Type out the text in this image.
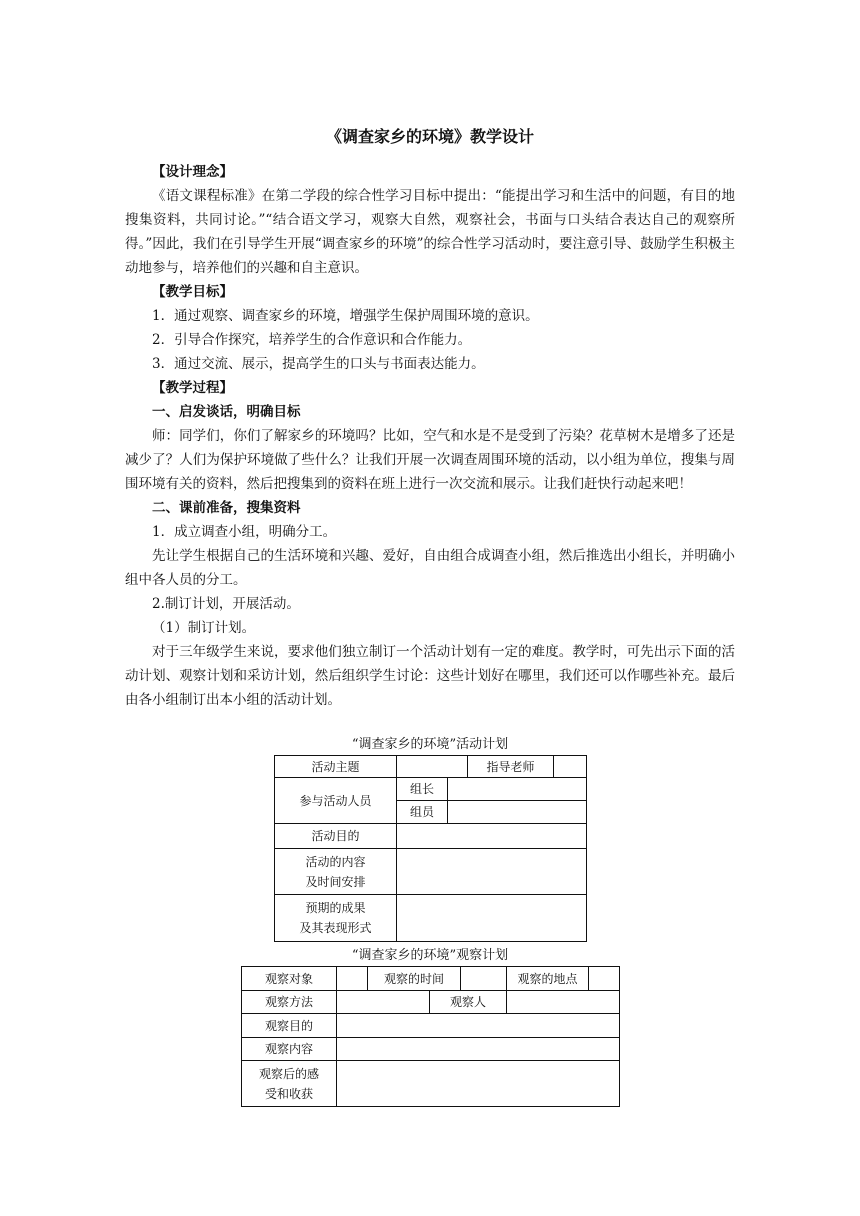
《调查家乡的环境》教学设计

【设计理念】

《语文课程标准》在第二学段的综合性学习目标中提出：“能提出学习和生活中的问题，有目的地搜集资料，共同讨论。”“结合语文学习，观察大自然，观察社会，书面与口头结合表达自己的观察所得。”因此，我们在引导学生开展“调查家乡的环境”的综合性学习活动时，要注意引导、鼓励学生积极主动地参与，培养他们的兴趣和自主意识。

【教学目标】

1．通过观察、调查家乡的环境，增强学生保护周围环境的意识。

2．引导合作探究，培养学生的合作意识和合作能力。

3．通过交流、展示，提高学生的口头与书面表达能力。

【教学过程】

一、启发谈话，明确目标

师：同学们，你们了解家乡的环境吗？比如，空气和水是不是受到了污染？花草树木是增多了还是减少了？人们为保护环境做了些什么？让我们开展一次调查周围环境的活动，以小组为单位，搜集与周围环境有关的资料，然后把搜集到的资料在班上进行一次交流和展示。让我们赶快行动起来吧！

二、课前准备，搜集资料

1．成立调查小组，明确分工。

先让学生根据自己的生活环境和兴趣、爱好，自由组合成调查小组，然后推选出小组长，并明确小组中各人员的分工。

2.制订计划，开展活动。

（1）制订计划。

对于三年级学生来说，要求他们独立制订一个活动计划有一定的难度。教学时，可先出示下面的活动计划、观察计划和采访计划，然后组织学生讨论：这些计划好在哪里，我们还可以作哪些补充。最后由各小组制订出本小组的活动计划。

“调查家乡的环境”活动计划
活动主题			指导老师	
参与活动人员	组长			
	组员			
活动目的				

活动的内容
及时间安排				

预期的成果
及其表现形式				

“调查家乡的环境”观察计划
观察对象		观察的时间			观察的地点	
观察方法			观察人			
观察目的						
观察内容						

观察后的感
受和收获						
